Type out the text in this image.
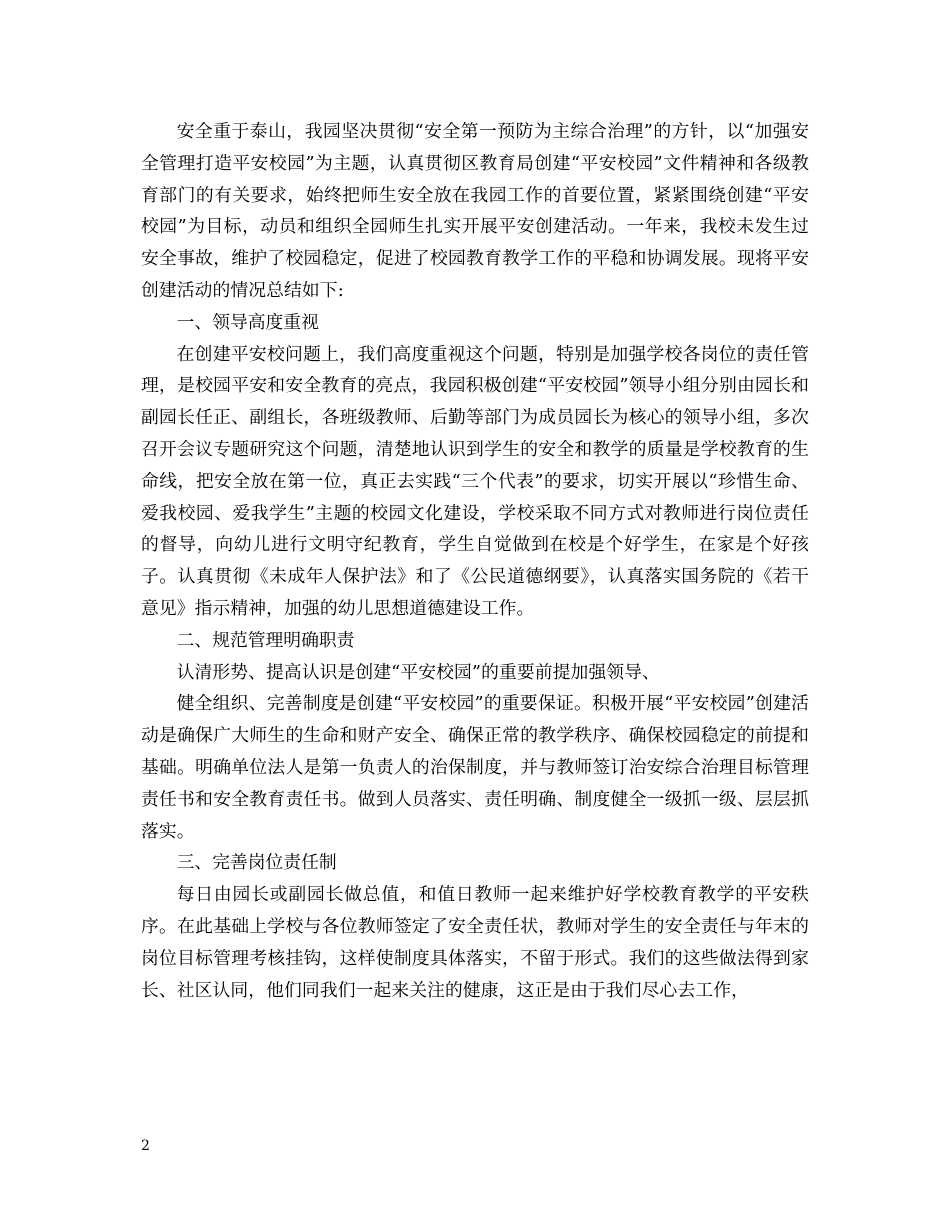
安全重于泰山，我园坚决贯彻“安全第一预防为主综合治理”的方针，以“加强安全管理打造平安校园”为主题，认真贯彻区教育局创建“平安校园”文件精神和各级教育部门的有关要求，始终把师生安全放在我园工作的首要位置，紧紧围绕创建“平安校园”为目标，动员和组织全园师生扎实开展平安创建活动。一年来，我校未发生过安全事故，维护了校园稳定，促进了校园教育教学工作的平稳和协调发展。现将平安创建活动的情况总结如下:

一、领导高度重视

在创建平安校问题上，我们高度重视这个问题，特别是加强学校各岗位的责任管理，是校园平安和安全教育的亮点，我园积极创建“平安校园”领导小组分别由园长和副园长任正、副组长，各班级教师、后勤等部门为成员园长为核心的领导小组，多次召开会议专题研究这个问题，清楚地认识到学生的安全和教学的质量是学校教育的生命线，把安全放在第一位，真正去实践“三个代表”的要求，切实开展以“珍惜生命、爱我校园、爱我学生”主题的校园文化建设，学校采取不同方式对教师进行岗位责任的督导，向幼儿进行文明守纪教育，学生自觉做到在校是个好学生，在家是个好孩子。认真贯彻《未成年人保护法》和了《公民道德纲要》，认真落实国务院的《若干意见》指示精神，加强的幼儿思想道德建设工作。

二、规范管理明确职责

认清形势、提高认识是创建“平安校园”的重要前提加强领导、

健全组织、完善制度是创建“平安校园”的重要保证。积极开展“平安校园”创建活动是确保广大师生的生命和财产安全、确保正常的教学秩序、确保校园稳定的前提和基础。明确单位法人是第一负责人的治保制度，并与教师签订治安综合治理目标管理责任书和安全教育责任书。做到人员落实、责任明确、制度健全一级抓一级、层层抓落实。

三、完善岗位责任制

每日由园长或副园长做总值，和值日教师一起来维护好学校教育教学的平安秩序。在此基础上学校与各位教师签定了安全责任状，教师对学生的安全责任与年末的岗位目标管理考核挂钩，这样使制度具体落实，不留于形式。我们的这些做法得到家长、社区认同，他们同我们一起来关注的健康，这正是由于我们尽心去工作，

2
